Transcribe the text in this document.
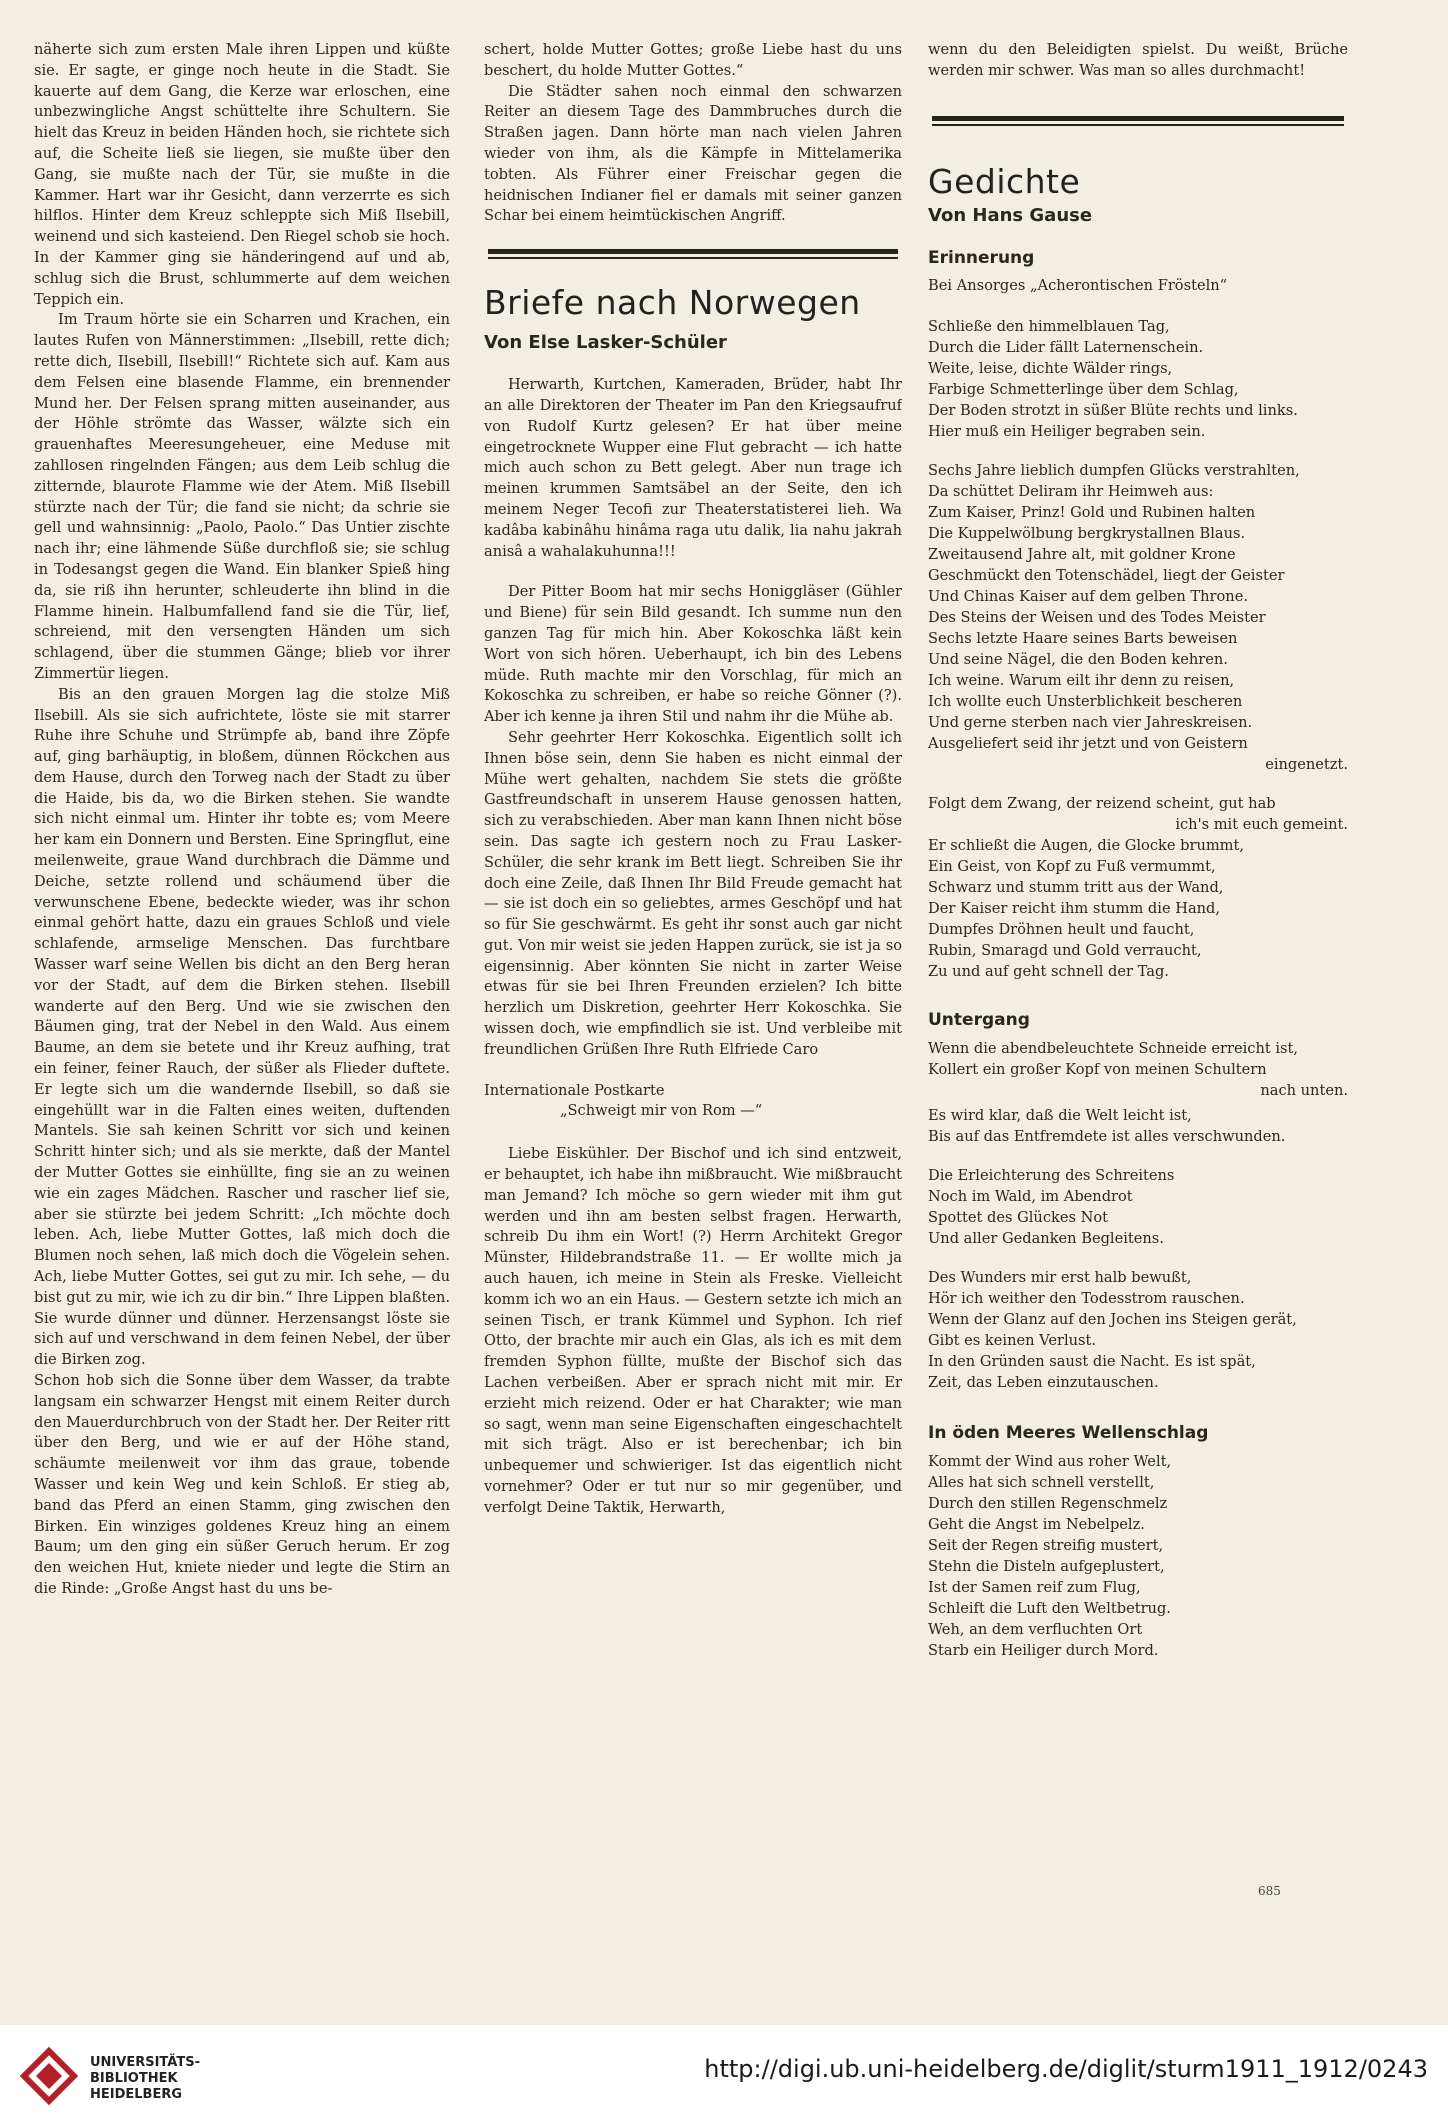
näherte sich zum ersten Male ihren Lippen und küßte sie. Er sagte, er ginge noch heute in die Stadt. Sie kauerte auf dem Gang, die Kerze war erloschen, eine unbezwingliche Angst schüttelte ihre Schultern. Sie hielt das Kreuz in beiden Händen hoch, sie richtete sich auf, die Scheite ließ sie liegen, sie mußte über den Gang, sie mußte nach der Tür, sie mußte in die Kammer. Hart war ihr Gesicht, dann verzerrte es sich hilflos. Hinter dem Kreuz schleppte sich Miß Ilsebill, weinend und sich kasteiend. Den Riegel schob sie hoch. In der Kammer ging sie händeringend auf und ab, schlug sich die Brust, schlummerte auf dem weichen Teppich ein.

Im Traum hörte sie ein Scharren und Krachen, ein lautes Rufen von Männerstimmen: „Ilsebill, rette dich; rette dich, Ilsebill, Ilsebill!“ Richtete sich auf. Kam aus dem Felsen eine blasende Flamme, ein brennender Mund her. Der Felsen sprang mitten auseinander, aus der Höhle strömte das Wasser, wälzte sich ein grauenhaftes Meeresungeheuer, eine Meduse mit zahllosen ringelnden Fängen; aus dem Leib schlug die zitternde, blaurote Flamme wie der Atem. Miß Ilsebill stürzte nach der Tür; die fand sie nicht; da schrie sie gell und wahnsinnig: „Paolo, Paolo.“ Das Untier zischte nach ihr; eine lähmende Süße durchfloß sie; sie schlug in Todesangst gegen die Wand. Ein blanker Spieß hing da, sie riß ihn herunter, schleuderte ihn blind in die Flamme hinein. Halbumfallend fand sie die Tür, lief, schreiend, mit den versengten Händen um sich schlagend, über die stummen Gänge; blieb vor ihrer Zimmertür liegen.

Bis an den grauen Morgen lag die stolze Miß Ilsebill. Als sie sich aufrichtete, löste sie mit starrer Ruhe ihre Schuhe und Strümpfe ab, band ihre Zöpfe auf, ging barhäuptig, in bloßem, dünnen Röckchen aus dem Hause, durch den Torweg nach der Stadt zu über die Haide, bis da, wo die Birken stehen. Sie wandte sich nicht einmal um. Hinter ihr tobte es; vom Meere her kam ein Donnern und Bersten. Eine Springflut, eine meilenweite, graue Wand durchbrach die Dämme und Deiche, setzte rollend und schäumend über die verwunschene Ebene, bedeckte wieder, was ihr schon einmal gehört hatte, dazu ein graues Schloß und viele schlafende, armselige Menschen. Das furchtbare Wasser warf seine Wellen bis dicht an den Berg heran vor der Stadt, auf dem die Birken stehen. Ilsebill wanderte auf den Berg. Und wie sie zwischen den Bäumen ging, trat der Nebel in den Wald. Aus einem Baume, an dem sie betete und ihr Kreuz aufhing, trat ein feiner, feiner Rauch, der süßer als Flieder duftete. Er legte sich um die wandernde Ilsebill, so daß sie eingehüllt war in die Falten eines weiten, duftenden Mantels. Sie sah keinen Schritt vor sich und keinen Schritt hinter sich; und als sie merkte, daß der Mantel der Mutter Gottes sie einhüllte, fing sie an zu weinen wie ein zages Mädchen. Rascher und rascher lief sie, aber sie stürzte bei jedem Schritt: „Ich möchte doch leben. Ach, liebe Mutter Gottes, laß mich doch die Blumen noch sehen, laß mich doch die Vögelein sehen. Ach, liebe Mutter Gottes, sei gut zu mir. Ich sehe, — du bist gut zu mir, wie ich zu dir bin.“ Ihre Lippen blaßten. Sie wurde dünner und dünner. Herzensangst löste sie sich auf und verschwand in dem feinen Nebel, der über die Birken zog.

Schon hob sich die Sonne über dem Wasser, da trabte langsam ein schwarzer Hengst mit einem Reiter durch den Mauerdurchbruch von der Stadt her. Der Reiter ritt über den Berg, und wie er auf der Höhe stand, schäumte meilenweit vor ihm das graue, tobende Wasser und kein Weg und kein Schloß. Er stieg ab, band das Pferd an einen Stamm, ging zwischen den Birken. Ein winziges goldenes Kreuz hing an einem Baum; um den ging ein süßer Geruch herum. Er zog den weichen Hut, kniete nieder und legte die Stirn an die Rinde: „Große Angst hast du uns be-

schert, holde Mutter Gottes; große Liebe hast du uns beschert, du holde Mutter Gottes.“

Die Städter sahen noch einmal den schwarzen Reiter an diesem Tage des Dammbruches durch die Straßen jagen. Dann hörte man nach vielen Jahren wieder von ihm, als die Kämpfe in Mittelamerika tobten. Als Führer einer Freischar gegen die heidnischen Indianer fiel er damals mit seiner ganzen Schar bei einem heimtückischen Angriff.

Briefe nach Norwegen
Von Else Lasker-Schüler

Herwarth, Kurtchen, Kameraden, Brüder, habt Ihr an alle Direktoren der Theater im Pan den Kriegsaufruf von Rudolf Kurtz gelesen? Er hat über meine eingetrocknete Wupper eine Flut gebracht — ich hatte mich auch schon zu Bett gelegt. Aber nun trage ich meinen krummen Samtsäbel an der Seite, den ich meinem Neger Tecofi zur Theaterstatisterei lieh. Wa kadâba kabinâhu hinâma raga utu dalik, lia nahu jakrah anisâ a wahalakuhunna!!!

Der Pitter Boom hat mir sechs Honiggläser (Gühler und Biene) für sein Bild gesandt. Ich summe nun den ganzen Tag für mich hin. Aber Kokoschka läßt kein Wort von sich hören. Ueberhaupt, ich bin des Lebens müde. Ruth machte mir den Vorschlag, für mich an Kokoschka zu schreiben, er habe so reiche Gönner (?). Aber ich kenne ja ihren Stil und nahm ihr die Mühe ab.

Sehr geehrter Herr Kokoschka. Eigentlich sollt ich Ihnen böse sein, denn Sie haben es nicht einmal der Mühe wert gehalten, nachdem Sie stets die größte Gastfreundschaft in unserem Hause genossen hatten, sich zu verabschieden. Aber man kann Ihnen nicht böse sein. Das sagte ich gestern noch zu Frau Lasker-Schüler, die sehr krank im Bett liegt. Schreiben Sie ihr doch eine Zeile, daß Ihnen Ihr Bild Freude gemacht hat — sie ist doch ein so geliebtes, armes Geschöpf und hat so für Sie geschwärmt. Es geht ihr sonst auch gar nicht gut. Von mir weist sie jeden Happen zurück, sie ist ja so eigensinnig. Aber könnten Sie nicht in zarter Weise etwas für sie bei Ihren Freunden erzielen? Ich bitte herzlich um Diskretion, geehrter Herr Kokoschka. Sie wissen doch, wie empfindlich sie ist. Und verbleibe mit freundlichen Grüßen Ihre Ruth Elfriede Caro

Internationale Postkarte

„Schweigt mir von Rom —“

Liebe Eiskühler. Der Bischof und ich sind entzweit, er behauptet, ich habe ihn mißbraucht. Wie mißbraucht man Jemand? Ich möche so gern wieder mit ihm gut werden und ihn am besten selbst fragen. Herwarth, schreib Du ihm ein Wort! (?) Herrn Architekt Gregor Münster, Hildebrandstraße 11. — Er wollte mich ja auch hauen, ich meine in Stein als Freske. Vielleicht komm ich wo an ein Haus. — Gestern setzte ich mich an seinen Tisch, er trank Kümmel und Syphon. Ich rief Otto, der brachte mir auch ein Glas, als ich es mit dem fremden Syphon füllte, mußte der Bischof sich das Lachen verbeißen. Aber er sprach nicht mit mir. Er erzieht mich reizend. Oder er hat Charakter; wie man so sagt, wenn man seine Eigenschaften eingeschachtelt mit sich trägt. Also er ist berechenbar; ich bin unbequemer und schwieriger. Ist das eigentlich nicht vornehmer? Oder er tut nur so mir gegenüber, und verfolgt Deine Taktik, Herwarth,

wenn du den Beleidigten spielst. Du weißt, Brüche werden mir schwer. Was man so alles durchmacht!

Gedichte
Von Hans Gause
Erinnerung
Bei Ansorges „Acherontischen Frösteln“
Schließe den himmelblauen Tag,
Durch die Lider fällt Laternenschein.
Weite, leise, dichte Wälder rings,
Farbige Schmetterlinge über dem Schlag,
Der Boden strotzt in süßer Blüte rechts und links.
Hier muß ein Heiliger begraben sein.
Sechs Jahre lieblich dumpfen Glücks verstrahlten,
Da schüttet Deliram ihr Heimweh aus:
Zum Kaiser, Prinz! Gold und Rubinen halten
Die Kuppelwölbung bergkrystallnen Blaus.
Zweitausend Jahre alt, mit goldner Krone
Geschmückt den Totenschädel, liegt der Geister
Und Chinas Kaiser auf dem gelben Throne.
Des Steins der Weisen und des Todes Meister
Sechs letzte Haare seines Barts beweisen
Und seine Nägel, die den Boden kehren.
Ich weine. Warum eilt ihr denn zu reisen,
Ich wollte euch Unsterblichkeit bescheren
Und gerne sterben nach vier Jahreskreisen.
Ausgeliefert seid ihr jetzt und von Geistern
eingenetzt.
Folgt dem Zwang, der reizend scheint, gut hab
ich's mit euch gemeint.
Er schließt die Augen, die Glocke brummt,
Ein Geist, von Kopf zu Fuß vermummt,
Schwarz und stumm tritt aus der Wand,
Der Kaiser reicht ihm stumm die Hand,
Dumpfes Dröhnen heult und faucht,
Rubin, Smaragd und Gold verraucht,
Zu und auf geht schnell der Tag.
Untergang
Wenn die abendbeleuchtete Schneide erreicht ist,
Kollert ein großer Kopf von meinen Schultern
nach unten.
Es wird klar, daß die Welt leicht ist,
Bis auf das Entfremdete ist alles verschwunden.
Die Erleichterung des Schreitens
Noch im Wald, im Abendrot
Spottet des Glückes Not
Und aller Gedanken Begleitens.
Des Wunders mir erst halb bewußt,
Hör ich weither den Todesstrom rauschen.
Wenn der Glanz auf den Jochen ins Steigen gerät,
Gibt es keinen Verlust.
In den Gründen saust die Nacht. Es ist spät,
Zeit, das Leben einzutauschen.
In öden Meeres Wellenschlag
Kommt der Wind aus roher Welt,
Alles hat sich schnell verstellt,
Durch den stillen Regenschmelz
Geht die Angst im Nebelpelz.
Seit der Regen streifig mustert,
Stehn die Disteln aufgeplustert,
Ist der Samen reif zum Flug,
Schleift die Luft den Weltbetrug.
Weh, an dem verfluchten Ort
Starb ein Heiliger durch Mord.
685
UNIVERSITÄTS-
BIBLIOTHEK
HEIDELBERG
http://digi.ub.uni-heidelberg.de/diglit/sturm1911_1912/0243
